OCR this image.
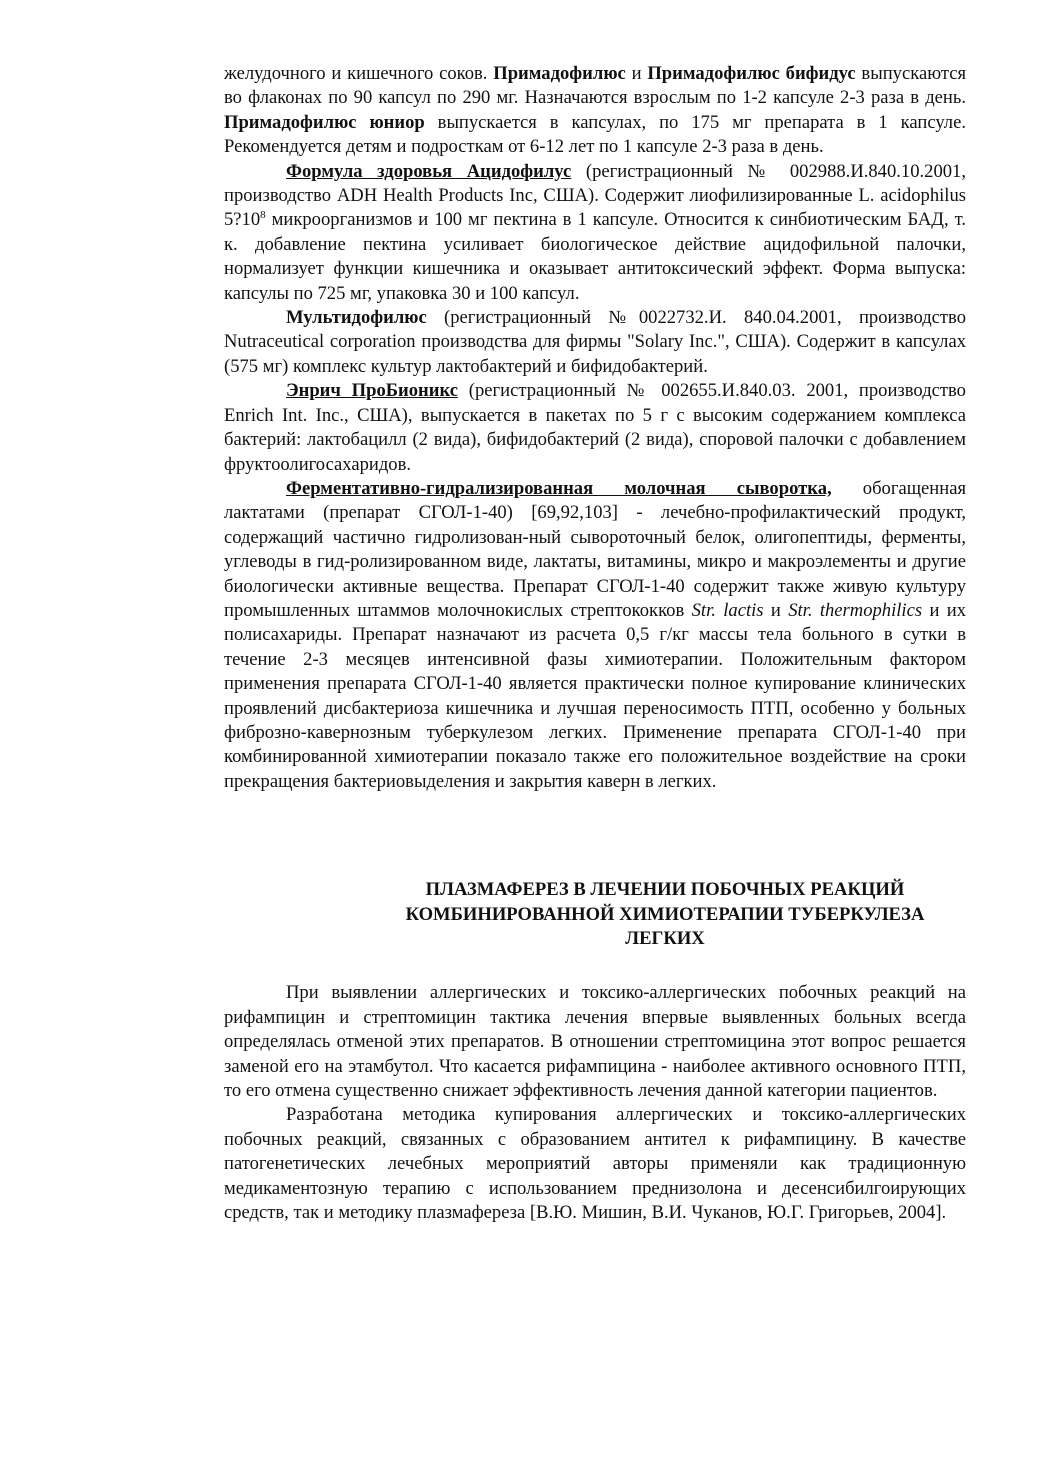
желудочного и кишечного соков. Примадофилюс и Примадофилюс бифидус выпускаются во флаконах по 90 капсул по 290 мг. Назначаются взрослым по 1-2 капсуле 2-3 раза в день. Примадофилюс юниор выпускается в капсулах, по 175 мг препарата в 1 капсуле. Рекомендуется детям и подросткам от 6-12 лет по 1 капсуле 2-3 раза в день.

Формула здоровья Ацидофилус (регистрационный № 002988.И.840.10.2001, производство ADH Health Products Inc, США). Содержит лиофилизированные L. acidophilus $5?10^8$ микроорганизмов и 100 мг пектина в 1 капсуле. Относится к синбиотическим БАД, т. к. добавление пектина усиливает биологическое действие ацидофильной палочки, нормализует функции кишечника и оказывает антитоксический эффект. Форма выпуска: капсулы по 725 мг, упаковка 30 и 100 капсул.

Мультидофилюс (регистрационный №0022732.И. 840.04.2001, производство Nutraceutical corporation производства для фирмы "Solary Inc.", США). Содержит в капсулах (575 мг) комплекс культур лактобактерий и бифидобактерий.

Энрич ПроБионикс (регистрационный № 002655.И.840.03. 2001, производство Enrich Int. Inc., США), выпускается в пакетах по 5 г с высоким содержанием комплекса бактерий: лактобацилл (2 вида), бифидобактерий (2 вида), споровой палочки с добавлением фруктоолигосахаридов.

Ферментативно-гидрализированная молочная сыворотка, обогащенная лактатами (препарат СГОЛ-1-40) [69,92,103] - лечебно-профилактический продукт, содержащий частично гидролизован-ный сывороточный белок, олигопептиды, ферменты, углеводы в гид-ролизированном виде, лактаты, витамины, микро и макроэлементы и другие биологически активные вещества. Препарат СГОЛ-1-40 содержит также живую культуру промышленных штаммов молочнокислых стрептококков Str. lactis и Str. thermophilics и их полисахариды. Препарат назначают из расчета 0,5 г/кг массы тела больного в сутки в течение 2-3 месяцев интенсивной фазы химиотерапии. Положительным фактором применения препарата СГОЛ-1-40 является практически полное купирование клинических проявлений дисбактериоза кишечника и лучшая переносимость ПТП, особенно у больных фиброзно-кавернозным туберкулезом легких. Применение препарата СГОЛ-1-40 при комбинированной химиотерапии показало также его положительное воздействие на сроки прекращения бактериовыделения и закрытия каверн в легких.

ПЛАЗМАФЕРЕЗ В ЛЕЧЕНИИ ПОБОЧНЫХ РЕАКЦИЙ
КОМБИНИРОВАННОЙ ХИМИОТЕРАПИИ ТУБЕРКУЛЕЗА
ЛЕГКИХ

При выявлении аллергических и токсико-аллергических побочных реакций на рифампицин и стрептомицин тактика лечения впервые выявленных больных всегда определялась отменой этих препаратов. В отношении стрептомицина этот вопрос решается заменой его на этамбутол. Что касается рифампицина - наиболее активного основного ПТП, то его отмена существенно снижает эффективность лечения данной категории пациентов.

Разработана методика купирования аллергических и токсико-аллергических побочных реакций, связанных с образованием антител к рифампицину. В качестве патогенетических лечебных мероприятий авторы применяли как традиционную медикаментозную терапию с использованием преднизолона и десенсибилгоирующих средств, так и методику плазмафереза [В.Ю. Мишин, В.И. Чуканов, Ю.Г. Григорьев, 2004].
